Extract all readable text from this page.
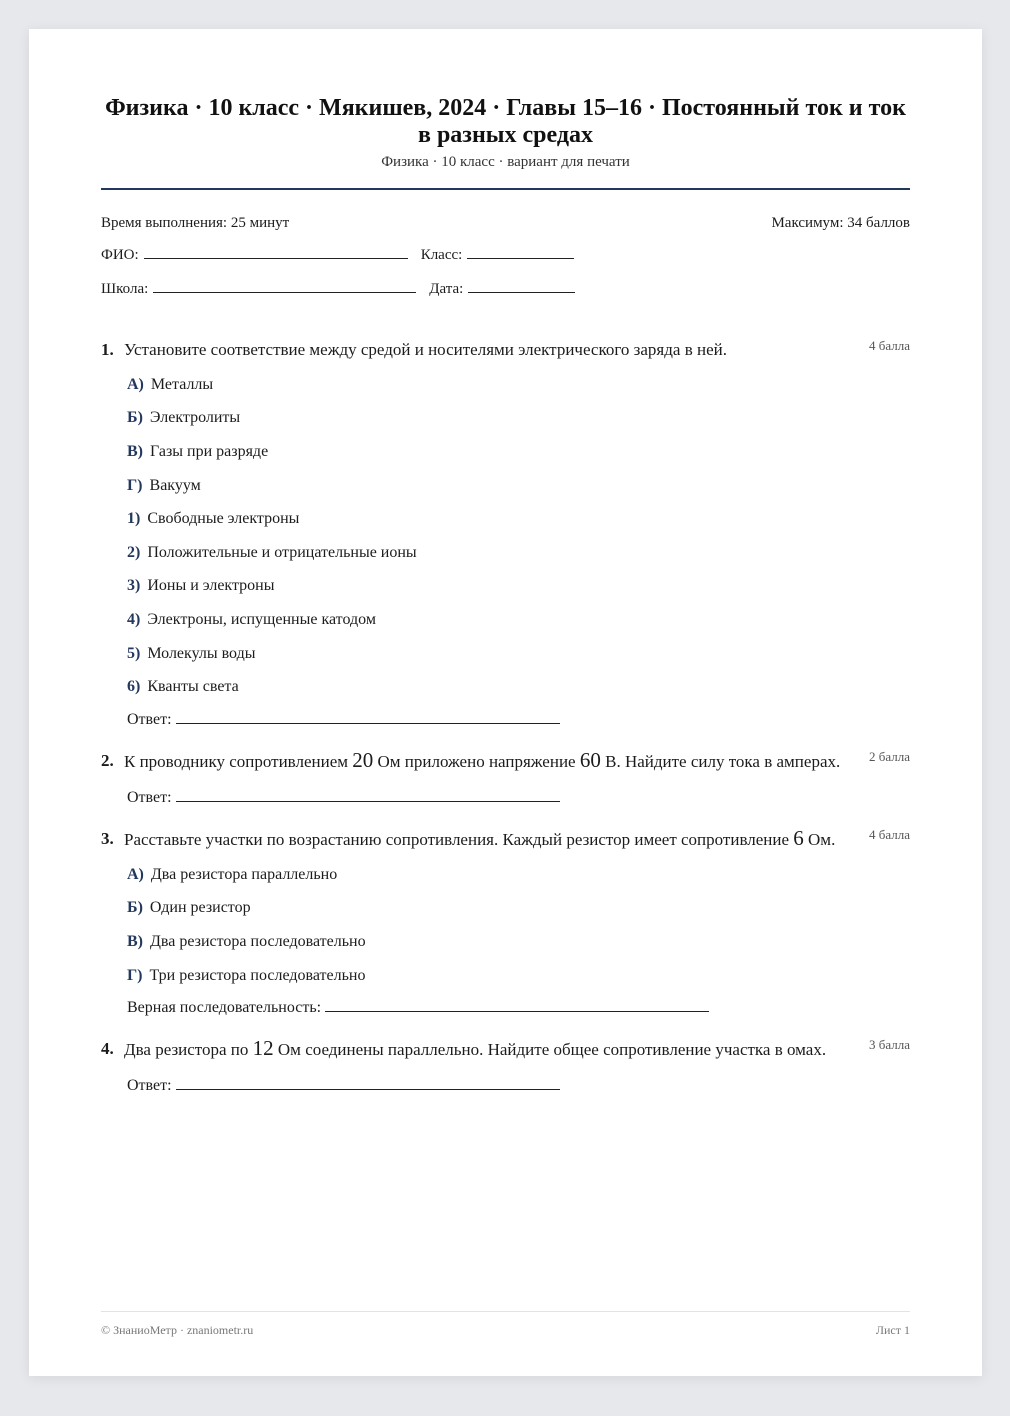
Физика · 10 класс · Мякишев, 2024 · Главы 15–16 · Постоянный ток и ток в разных средах
Физика · 10 класс · вариант для печати
Время выполнения: 25 минут	Максимум: 34 баллов
ФИО:	Класс:
Школа:	Дата:
1. Установите соответствие между средой и носителями электрического заряда в ней.	4 балла
А) Металлы
Б) Электролиты
В) Газы при разряде
Г) Вакуум
1) Свободные электроны
2) Положительные и отрицательные ионы
3) Ионы и электроны
4) Электроны, испущенные катодом
5) Молекулы воды
6) Кванты света
Ответ:
2. К проводнику сопротивлением 20 Ом приложено напряжение 60 В. Найдите силу тока в амперах. 2 балла
Ответ:
3. Расставьте участки по возрастанию сопротивления. Каждый резистор имеет сопротивление 6 Ом.	4 балла
А) Два резистора параллельно
Б) Один резистор
В) Два резистора последовательно
Г) Три резистора последовательно
Верная последовательность:
4. Два резистора по 12 Ом соединены параллельно. Найдите общее сопротивление участка в омах.	3 балла
Ответ:
© ЗнаниоМетр · znaniometr.ru	Лист 1
